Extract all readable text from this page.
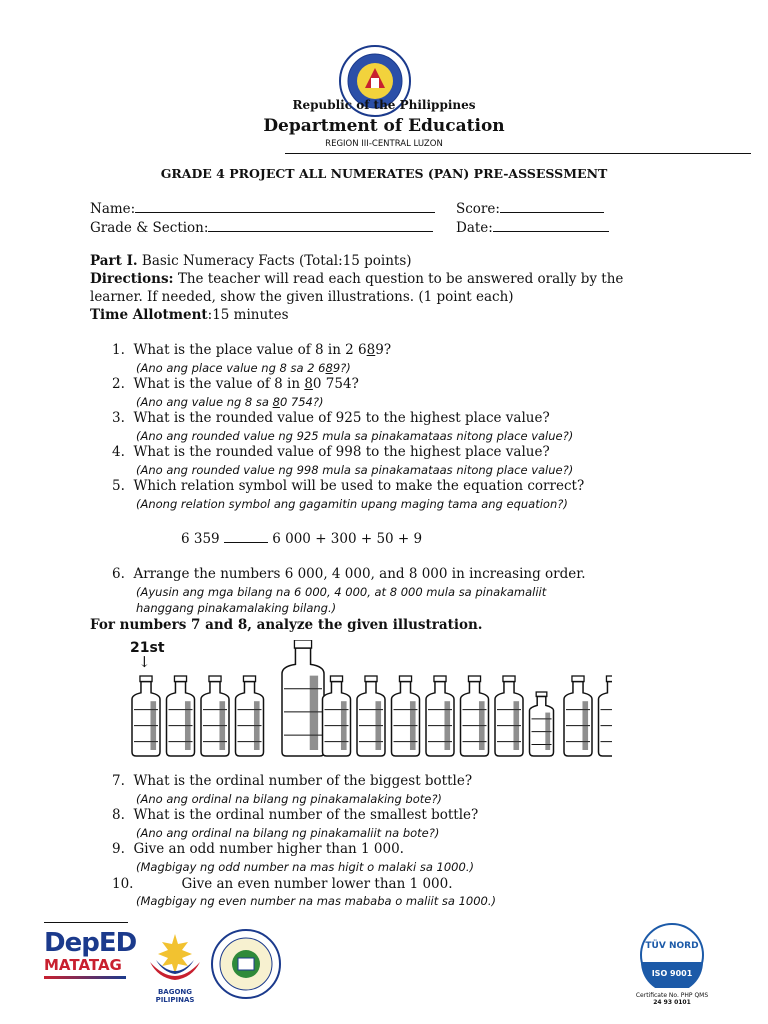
Republic of the Philippines
Department of Education
REGION III-CENTRAL LUZON
GRADE 4 PROJECT ALL NUMERATES (PAN) PRE-ASSESSMENT
Name:	Score:
Grade & Section:	Date:
Part I. Basic Numeracy Facts (Total:15 points)
Directions: The teacher will read each question to be answered orally by the
learner. If needed, show the given illustrations. (1 point each)
Time Allotment:15 minutes
1. What is the place value of 8 in 2 689?
(Ano ang place value ng 8 sa 2 689?)
2. What is the value of 8 in 80 754?
(Ano ang value ng 8 sa 80 754?)
3. What is the rounded value of 925 to the highest place value?
(Ano ang rounded value ng 925 mula sa pinakamataas nitong place value?)
4. What is the rounded value of 998 to the highest place value?
(Ano ang rounded value ng 998 mula sa pinakamataas nitong place value?)
5. Which relation symbol will be used to make the equation correct?
(Anong relation symbol ang gagamitin upang maging tama ang equation?)
6 359	6 000 + 300 + 50 + 9
6. Arrange the numbers 6 000, 4 000, and 8 000 in increasing order.
(Ayusin ang mga bilang na 6 000, 4 000, at 8 000 mula sa pinakamaliit
hanggang pinakamalaking bilang.)
For numbers 7 and 8, analyze the given illustration.
21st
↓
7. What is the ordinal number of the biggest bottle?
(Ano ang ordinal na bilang ng pinakamalaking bote?)
8. What is the ordinal number of the smallest bottle?
(Ano ang ordinal na bilang ng pinakamaliit na bote?)
9. Give an odd number higher than 1 000.
(Magbigay ng odd number na mas higit o malaki sa 1000.)
10.	Give an even number lower than 1 000.
(Magbigay ng even number na mas mababa o maliit sa 1000.)
DepED
MATATAG
BAGONG PILIPINAS
TÜV NORD
ISO 9001
Certificate No. PHP QMS
24 93 0101
